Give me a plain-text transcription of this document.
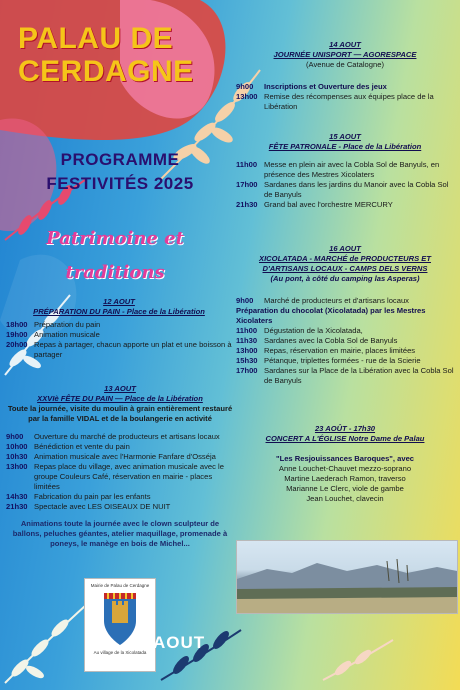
PALAU DE
CERDAGNE
PROGRAMME
FESTIVITÉS 2025
Patrimoine et
traditions
12 AOUT
PRÉPARATION DU PAIN - Place de la Libération
18h00 Préparation du pain
19h00 Animation musicale
20h00 Repas à partager, chacun apporte un plat et une boisson à partager
13 AOUT
XXVIè FÊTE DU PAIN — Place de la Libération
Toute la journée, visite du moulin à grain entièrement restauré par la famille VIDAL et de la boulangerie en activité
9h00	Ouverture du marché de producteurs et artisans locaux
10h00 Bénédiction et vente du pain
10h30 Animation musicale avec l'Harmonie Fanfare d'Osséja
13h00 Repas place du village, avec animation musicale avec le groupe Couleurs Café, réservation en mairie - places limitées
14h30 Fabrication du pain par les enfants
21h30 Spectacle avec LES OISEAUX DE NUIT
Animations toute la journée avec le clown sculpteur de ballons, peluches géantes, atelier maquillage, promenade à poneys, le manège en bois de Michel...
14 AOUT
JOURNÉE UNISPORT — AGORESPACE
(Avenue de Catalogne)
9h00	Inscriptions et Ouverture des jeux
13h00 Remise des récompenses aux équipes place de la Libération
15 AOUT
FÊTE PATRONALE - Place de la Libération
11h00 Messe en plein air avec la Cobla Sol de Banyuls, en présence des Mestres Xicolaters
17h00 Sardanes dans les jardins du Manoir avec la Cobla Sol de Banyuls
21h30 Grand bal avec l'orchestre MERCURY
16 AOUT
XICOLATADA - MARCHÉ de PRODUCTEURS ET D'ARTISANS LOCAUX - CAMPS DELS VERNS
(Au pont, à côté du camping las Asperas)
9h00	Marché de producteurs et d'artisans locaux
Préparation du chocolat (Xicolatada) par les Mestres Xicolaters
11h00 Dégustation de la Xicolatada,
11h30 Sardanes avec la Cobla Sol de Banyuls
13h00 Repas, réservation en mairie, places limitées
15h30 Pétanque, triplettes formées - rue de la Scierie
17h00 Sardanes sur la Place de la Libération avec la Cobla Sol de Banyuls
23 AOÛT - 17h30
CONCERT A L'ÉGLISE Notre Dame de Palau
"Les Resjouissances Baroques", avec
Anne Louchet-Chauvet mezzo-soprano
Martine Laederach Ramon, traverso
Marianne Le Clerc, viole de gambe
Jean Louchet, clavecin
Mairie de Palau de Cerdagne
Au village de la Xicolatada
AOUT
